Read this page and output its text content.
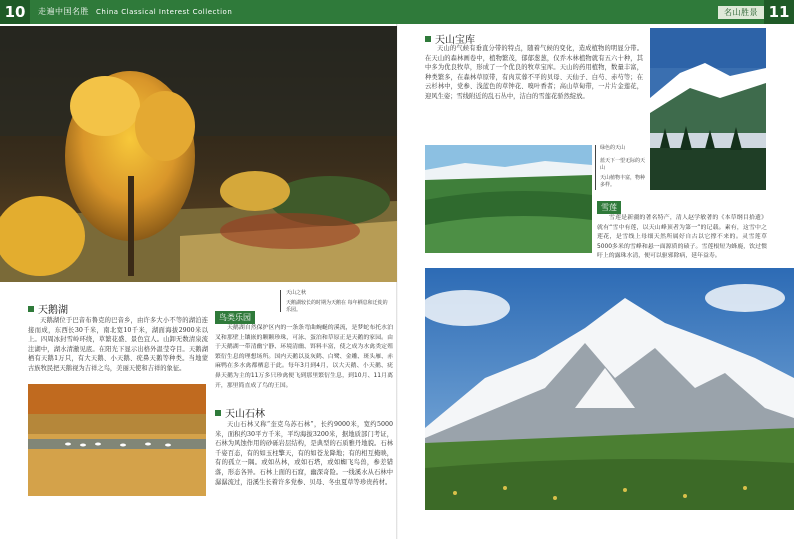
10	走遍中国名胜 China Classical Interest Collection	名山胜景 11
天鹅湖
天鹅湖位于巴音布鲁克的巴音乡，由许多大小不等的湖泊连接而成，东西长30千米，南北宽10千米，湖面海拔2900米以上。四周冰封雪岭环绕，草繁花盛、景色宜人。山卸无数清泉流注湖中，湖水清澈见底。在阳光下显示出格外温莹夺目。天鹅湖栖有天鹅1万只，有大天鹅、小天鹅、疣鼻天鹅等种类。当地蒙古族牧民把天鹅视为吉祥之鸟，美丽天使和吉祥的象征。
天山之秋
天鹅湖较长的时期为天鹅在 每年栖息和迁徙的乐园。
鸟类乐园
天鹅湖自然保护区内的一条条弯曲蜿蜒的溪流，是梦蛇布托水泊叉和那壁上镶嵌的颗颗珍珠，可泳、蛋泊和草原正是天鹅的家园。由于天鹅湖一带清幽宁静、环境清幽、饵料丰富，使之成为水禽类定殖繁衍生息的理想场所。国内天鹅以及灰鹤、白鹭、金雕、斑头雁、赤麻鸭在多水禽都栖息于此。每年3月到4月，以大天鹅、小天鹅、疣鼻天鹅为主的11万多只珍禽便飞到那里繁衍生息，到10月、11月离开，那里简直成了鸟的王国。
天山石林
天山石林又称“奎克乌苏石林”，长约9000米，宽约5000米，面积约30平方千米，平均海拔3200米，据地质部门考证，石林为风蚀作用的砂砾岩层结构，是典型的石质雅丹地貌。石林千姿百态，有的如玉柱擎天，有的如苍龙降地；有的相互掩映，有的孤立一隅。或如丛林，或如石塔，或如蜘飞鸟兽，参差错落，形态各异。石林上面的石窟，幽深奇险。一线溪水从石林中潺潺流过，沿溪生长着许多党参、贝母、冬虫夏草等珍贵药材。
天山宝库
天山的气候有垂直分带的特点，随着气候的变化，造成植物的明显分带。在天山的森林画卷中，植物繁茂，郁郁葱葱，仅乔木林植物就有五六十种，其中多为优良牧草，形成了一个优良的牧草宝库。天山的药用植物，数量丰富，种类繁多，在森林草原带，有肉苁蓉不平的贝母、天仙子、白芍、赤芍等；在云杉林中，党参、浅蓝色的草钟花、嗅叶香者；高山草甸带，一片片金莲花，迎风生姿；雪线附近的乱石丛中，洁白的雪莲花骄然绽放。
绿色的天山
蓝天下一望无际的天山
天山植物丰富，物种多样。
雪莲
雪莲是新疆的著名特产，清人赵学敏著的《本草纲目拾遗》就有“雪中有莲，以天山峰顶者为第一”的记载。素有，这雪中之莲花，是雪线上母细天然所属好自古以它撑不来的。灵雪莲草5000多米的雪峰和悬一面源质的碛子。雪莲根短为蜂鹿，饮过惯吁上的露珠水清，便可以驱邪除病，延年益寿。
